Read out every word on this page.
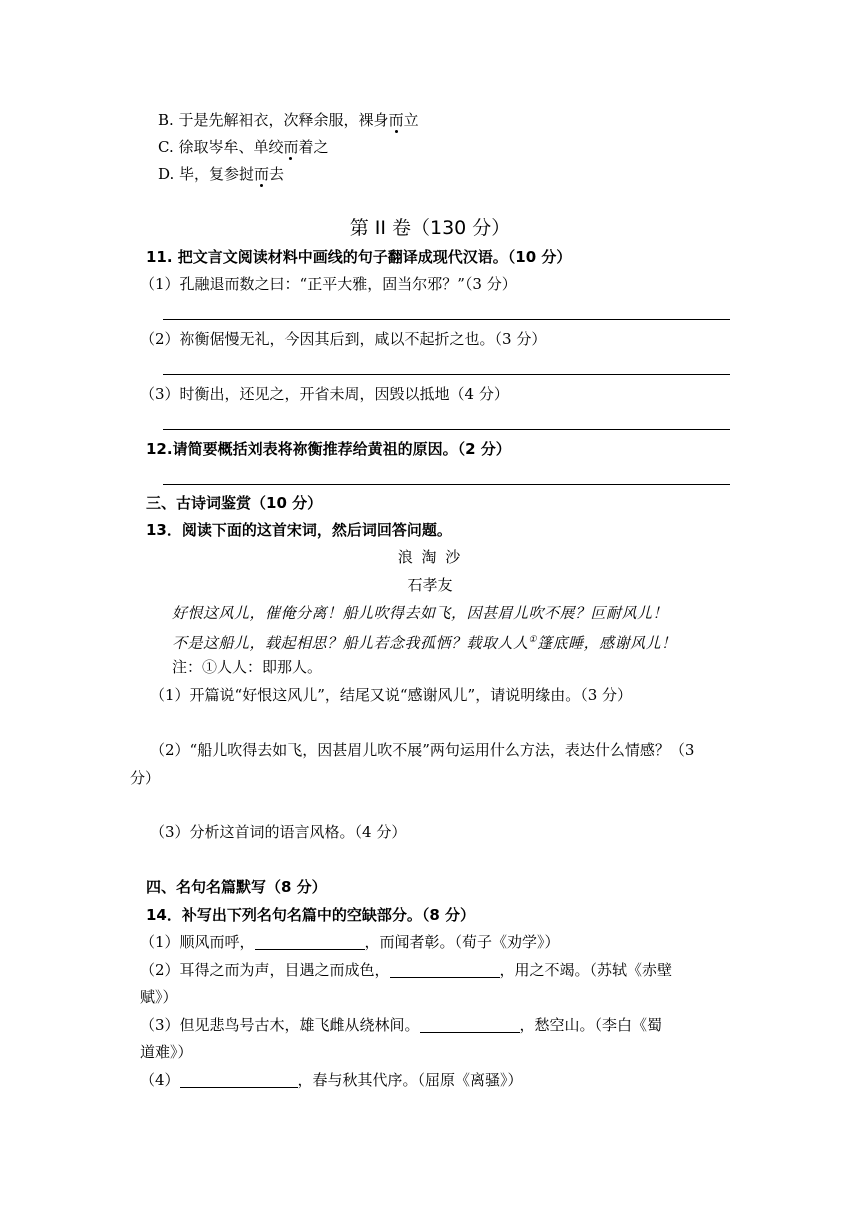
B. 于是先解衵衣，次释余服，裸身而立
C. 徐取岑牟、单绞而着之
D. 毕，复参挝而去
第 II 卷（130 分）
11. 把文言文阅读材料中画线的句子翻译成现代汉语。（10 分）
（1）孔融退而数之曰：“正平大雅，固当尔邪？”（3 分）
（2）祢衡倨慢无礼，今因其后到，咸以不起折之也。（3 分）
（3）时衡出，还见之，开省未周，因毁以抵地（4 分）
12.请简要概括刘表将祢衡推荐给黄祖的原因。（2 分）
三、古诗词鉴赏（10 分）
13．阅读下面的这首宋词，然后词回答问题。
浪 淘 沙
石孝友
好恨这风儿，催俺分离！船儿吹得去如飞，因甚眉儿吹不展？叵耐风儿！
不是这船儿，载起相思？船儿若念我孤恓？载取人人①篷底睡，感谢风儿！
注：①人人：即那人。
（1）开篇说“好恨这风儿”，结尾又说“感谢风儿”，请说明缘由。（3 分）
（2）“船儿吹得去如飞，因甚眉儿吹不展”两句运用什么方法，表达什么情感？（3
分）
（3）分析这首词的语言风格。（4 分）
四、名句名篇默写（8 分）
14．补写出下列名句名篇中的空缺部分。（8 分）
（1）顺风而呼，	，而闻者彰。（荀子《劝学》）
（2）耳得之而为声，目遇之而成色，	，用之不竭。（苏轼《赤壁
赋》）
（3）但见悲鸟号古木，雄飞雌从绕林间。	，愁空山。（李白《蜀
道难》）
（4）	，春与秋其代序。（屈原《离骚》）
